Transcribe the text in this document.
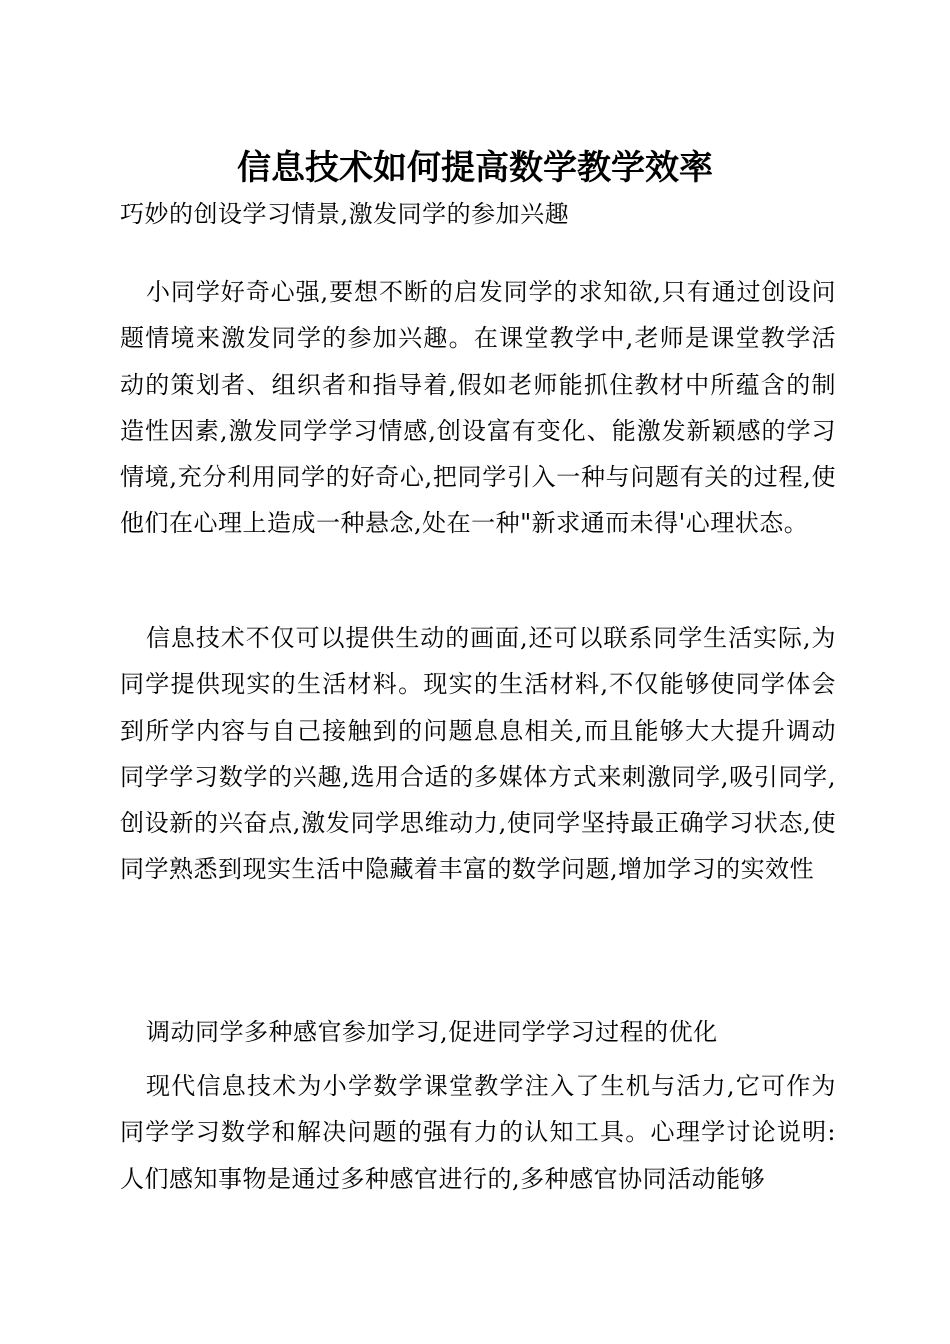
信息技术如何提高数学教学效率

巧妙的创设学习情景,激发同学的参加兴趣

小同学好奇心强,要想不断的启发同学的求知欲,只有通过创设问题情境来激发同学的参加兴趣。在课堂教学中,老师是课堂教学活动的策划者、组织者和指导着,假如老师能抓住教材中所蕴含的制造性因素,激发同学学习情感,创设富有变化、能激发新颖感的学习情境,充分利用同学的好奇心,把同学引入一种与问题有关的过程,使他们在心理上造成一种悬念,处在一种"新求通而未得'心理状态。

信息技术不仅可以提供生动的画面,还可以联系同学生活实际,为同学提供现实的生活材料。现实的生活材料,不仅能够使同学体会到所学内容与自己接触到的问题息息相关,而且能够大大提升调动同学学习数学的兴趣,选用合适的多媒体方式来刺激同学,吸引同学,创设新的兴奋点,激发同学思维动力,使同学坚持最正确学习状态,使同学熟悉到现实生活中隐藏着丰富的数学问题,增加学习的实效性

调动同学多种感官参加学习,促进同学学习过程的优化

现代信息技术为小学数学课堂教学注入了生机与活力,它可作为同学学习数学和解决问题的强有力的认知工具。心理学讨论说明:人们感知事物是通过多种感官进行的,多种感官协同活动能够
